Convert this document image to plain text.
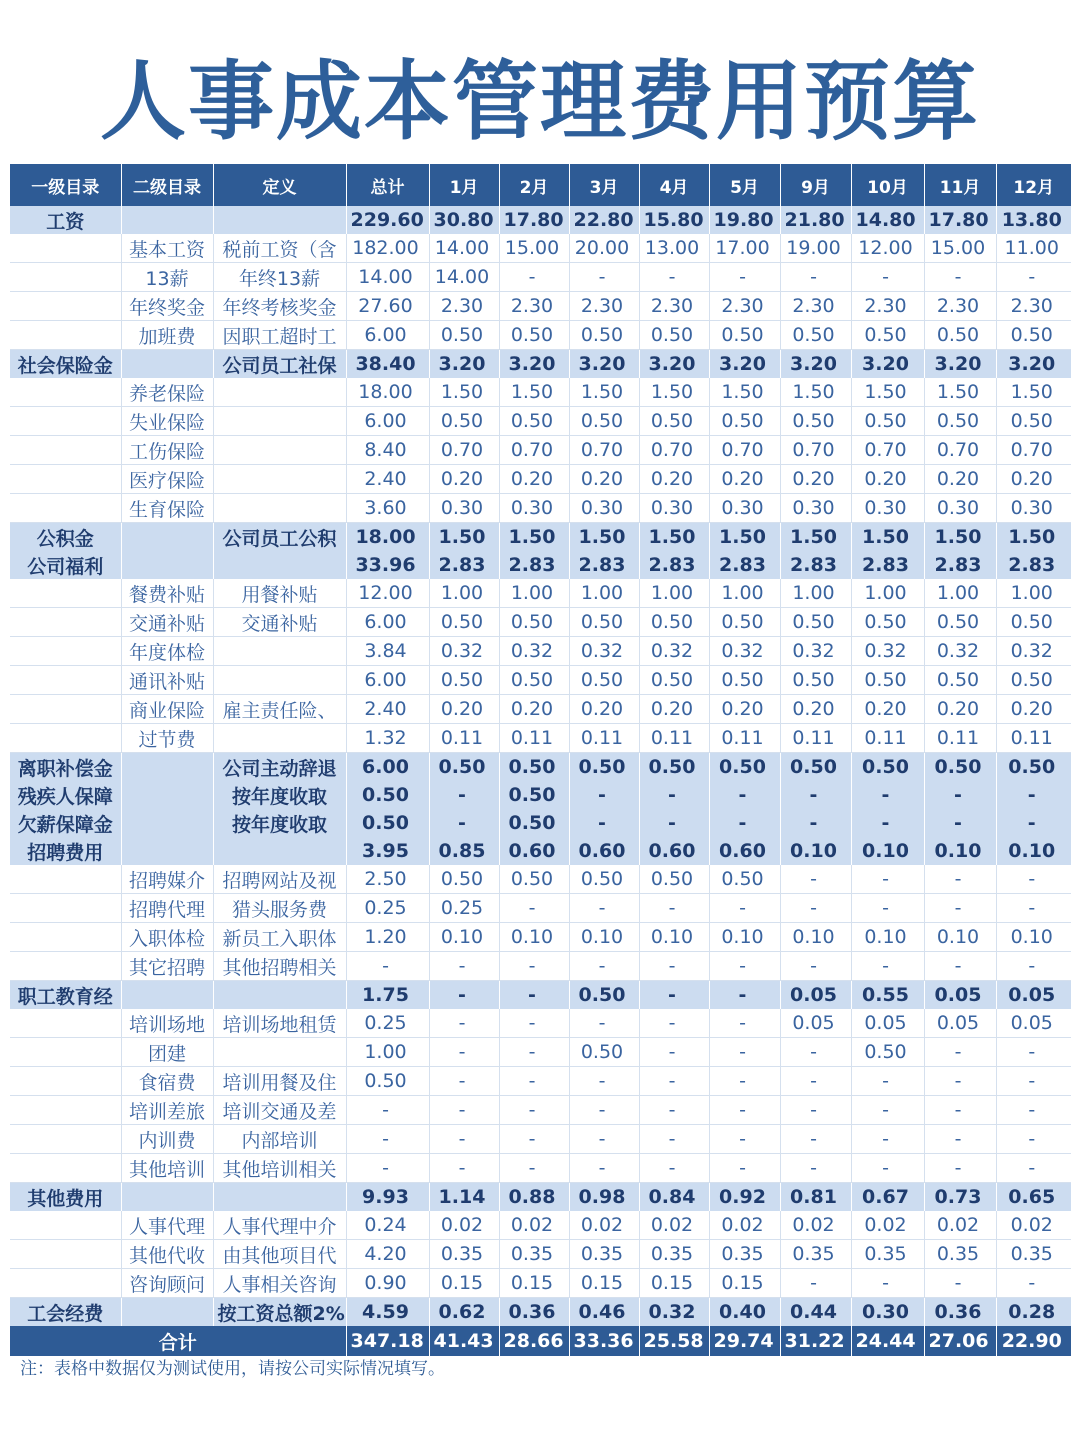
人事成本管理费用预算
一级目录	二级目录	定义	总计	1月	2月	3月	4月	5月	9月	10月	11月	12月
工资			229.60	30.80	17.80	22.80	15.80	19.80	21.80	14.80	17.80	13.80
	基本工资	税前工资（含	182.00	14.00	15.00	20.00	13.00	17.00	19.00	12.00	15.00	11.00
	13薪	年终13薪	14.00	14.00	-	-	-	-	-	-	-	-
	年终奖金	年终考核奖金	27.60	2.30	2.30	2.30	2.30	2.30	2.30	2.30	2.30	2.30
	加班费	因职工超时工	6.00	0.50	0.50	0.50	0.50	0.50	0.50	0.50	0.50	0.50
社会保险金		公司员工社保	38.40	3.20	3.20	3.20	3.20	3.20	3.20	3.20	3.20	3.20
	养老保险		18.00	1.50	1.50	1.50	1.50	1.50	1.50	1.50	1.50	1.50
	失业保险		6.00	0.50	0.50	0.50	0.50	0.50	0.50	0.50	0.50	0.50
	工伤保险		8.40	0.70	0.70	0.70	0.70	0.70	0.70	0.70	0.70	0.70
	医疗保险		2.40	0.20	0.20	0.20	0.20	0.20	0.20	0.20	0.20	0.20
	生育保险		3.60	0.30	0.30	0.30	0.30	0.30	0.30	0.30	0.30	0.30
公积金		公司员工公积	18.00	1.50	1.50	1.50	1.50	1.50	1.50	1.50	1.50	1.50
公司福利			33.96	2.83	2.83	2.83	2.83	2.83	2.83	2.83	2.83	2.83
	餐费补贴	用餐补贴	12.00	1.00	1.00	1.00	1.00	1.00	1.00	1.00	1.00	1.00
	交通补贴	交通补贴	6.00	0.50	0.50	0.50	0.50	0.50	0.50	0.50	0.50	0.50
	年度体检		3.84	0.32	0.32	0.32	0.32	0.32	0.32	0.32	0.32	0.32
	通讯补贴		6.00	0.50	0.50	0.50	0.50	0.50	0.50	0.50	0.50	0.50
	商业保险	雇主责任险、	2.40	0.20	0.20	0.20	0.20	0.20	0.20	0.20	0.20	0.20
	过节费		1.32	0.11	0.11	0.11	0.11	0.11	0.11	0.11	0.11	0.11
离职补偿金		公司主动辞退	6.00	0.50	0.50	0.50	0.50	0.50	0.50	0.50	0.50	0.50
残疾人保障		按年度收取	0.50	-	0.50	-	-	-	-	-	-	-
欠薪保障金		按年度收取	0.50	-	0.50	-	-	-	-	-	-	-
招聘费用			3.95	0.85	0.60	0.60	0.60	0.60	0.10	0.10	0.10	0.10
	招聘媒介	招聘网站及视	2.50	0.50	0.50	0.50	0.50	0.50	-	-	-	-
	招聘代理	猎头服务费	0.25	0.25	-	-	-	-	-	-	-	-
	入职体检	新员工入职体	1.20	0.10	0.10	0.10	0.10	0.10	0.10	0.10	0.10	0.10
	其它招聘	其他招聘相关	-	-	-	-	-	-	-	-	-	-
职工教育经			1.75	-	-	0.50	-	-	0.05	0.55	0.05	0.05
	培训场地	培训场地租赁	0.25	-	-	-	-	-	0.05	0.05	0.05	0.05
	团建		1.00	-	-	0.50	-	-	-	0.50	-	-
	食宿费	培训用餐及住	0.50	-	-	-	-	-	-	-	-	-
	培训差旅	培训交通及差	-	-	-	-	-	-	-	-	-	-
	内训费	内部培训	-	-	-	-	-	-	-	-	-	-
	其他培训	其他培训相关	-	-	-	-	-	-	-	-	-	-
其他费用			9.93	1.14	0.88	0.98	0.84	0.92	0.81	0.67	0.73	0.65
	人事代理	人事代理中介	0.24	0.02	0.02	0.02	0.02	0.02	0.02	0.02	0.02	0.02
	其他代收	由其他项目代	4.20	0.35	0.35	0.35	0.35	0.35	0.35	0.35	0.35	0.35
	咨询顾问	人事相关咨询	0.90	0.15	0.15	0.15	0.15	0.15	-	-	-	-
工会经费		按工资总额2%	4.59	0.62	0.36	0.46	0.32	0.40	0.44	0.30	0.36	0.28
合计			347.18	41.43	28.66	33.36	25.58	29.74	31.22	24.44	27.06	22.90
注：表格中数据仅为测试使用，请按公司实际情况填写。
